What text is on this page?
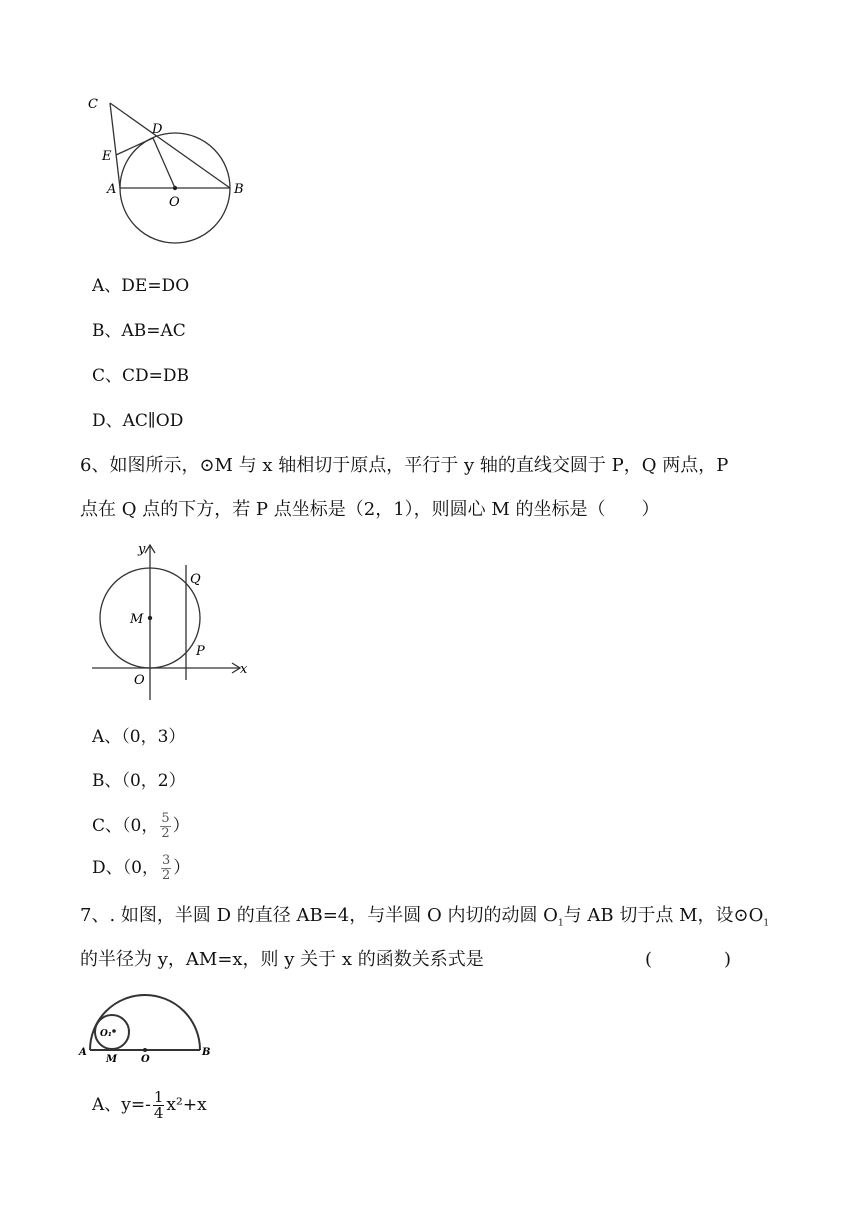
C
D
E
A
O
B
A、DE=DO
B、AB=AC
C、CD=DB
D、AC∥OD
6、如图所示，⊙M 与 x 轴相切于原点，平行于 y 轴的直线交圆于 P，Q 两点，P
点在 Q 点的下方，若 P 点坐标是（2，1），则圆心 M 的坐标是（　　）
y
Q
M
P
x
O
A、（0，3）
B、（0，2）
C、（0， $\frac{5}{2}$ ）
D、（0， $\frac{3}{2}$ ）
7、. 如图，半圆 D 的直径 AB=4，与半圆 O 内切的动圆 $O_1$与 AB 切于点 M，设$⊙O_1$
的半径为 y，AM=x，则 y 关于 x 的函数关系式是	(　　　　)
O₁
A
M O
B
A、$y=- \frac{1}{4} x^2+x$
